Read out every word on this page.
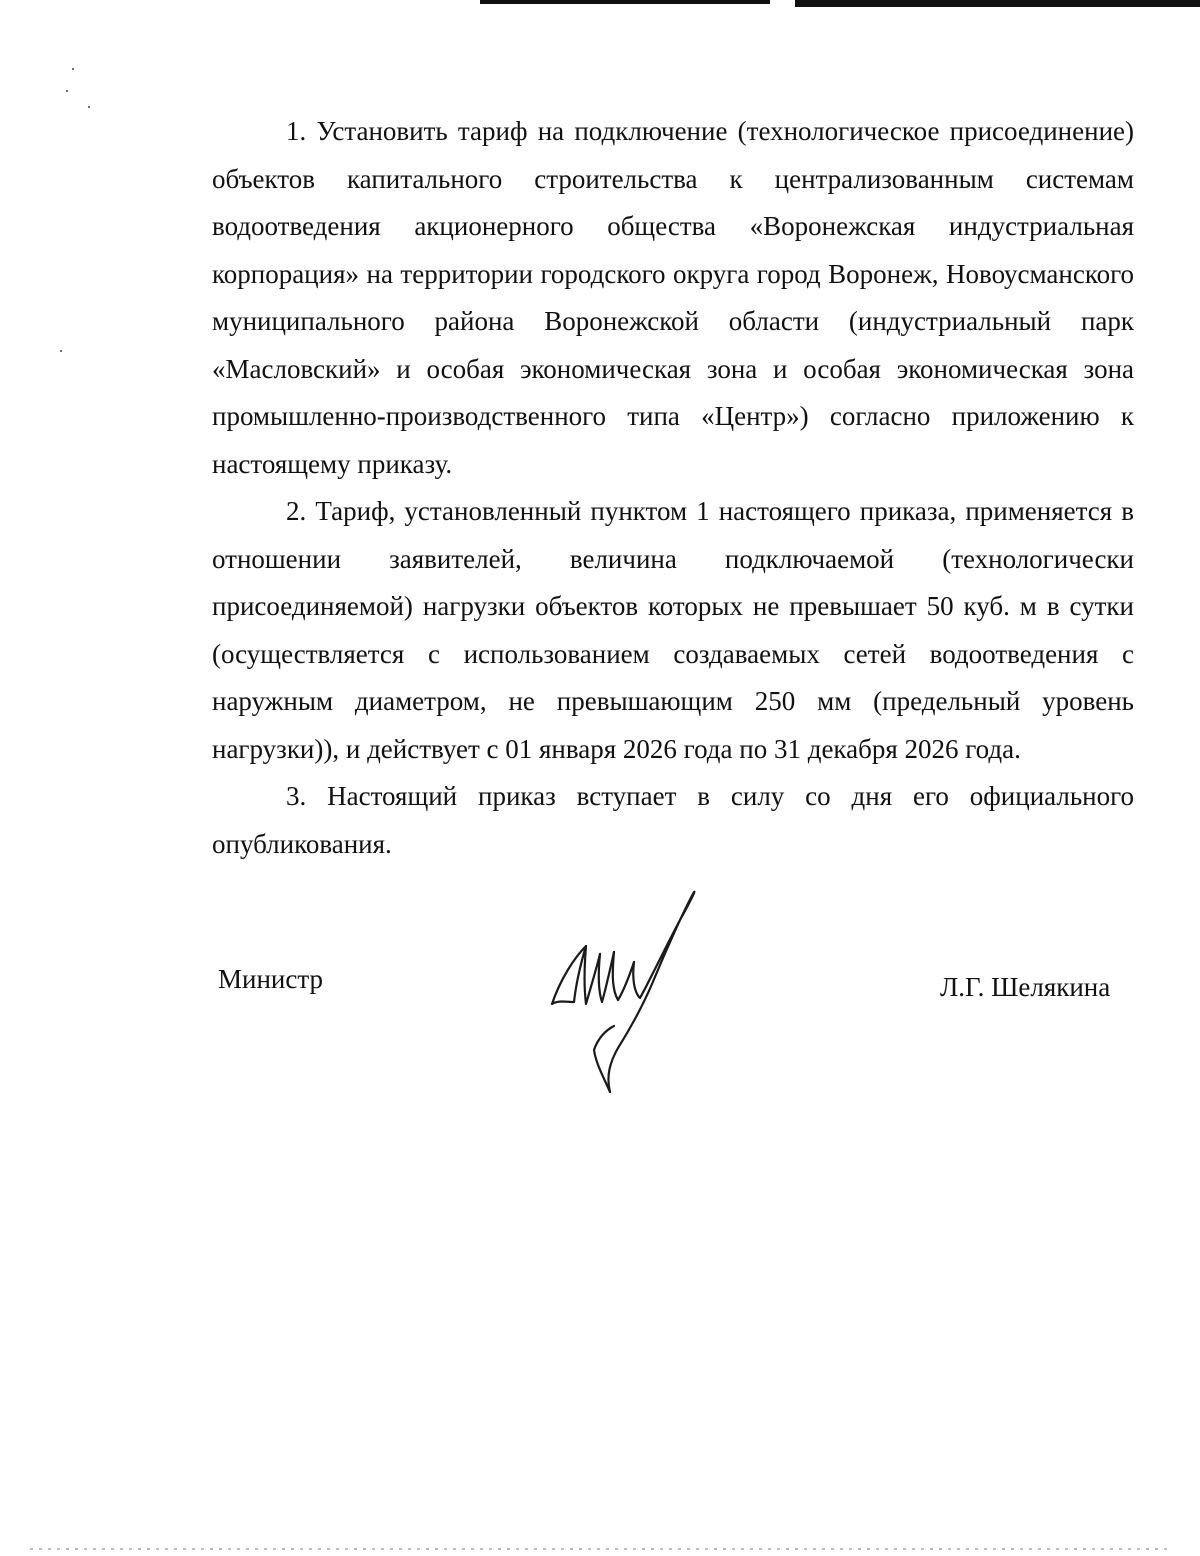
1. Установить тариф на подключение (технологическое присоединение) объектов капитального строительства к централизованным системам водоотведения акционерного общества «Воронежская индустриальная корпорация» на территории городского округа город Воронеж, Новоусманского муниципального района Воронежской области (индустриальный парк «Масловский» и особая экономическая зона и особая экономическая зона промышленно-производственного типа «Центр») согласно приложению к настоящему приказу.

2. Тариф, установленный пунктом 1 настоящего приказа, применяется в отношении заявителей, величина подключаемой (технологически присоединяемой) нагрузки объектов которых не превышает 50 куб. м в сутки (осуществляется с использованием создаваемых сетей водоотведения с наружным диаметром, не превышающим 250 мм (предельный уровень нагрузки)), и действует с 01 января 2026 года по 31 декабря 2026 года.

3. Настоящий приказ вступает в силу со дня его официального опубликования.

Министр	Л.Г. Шелякина
